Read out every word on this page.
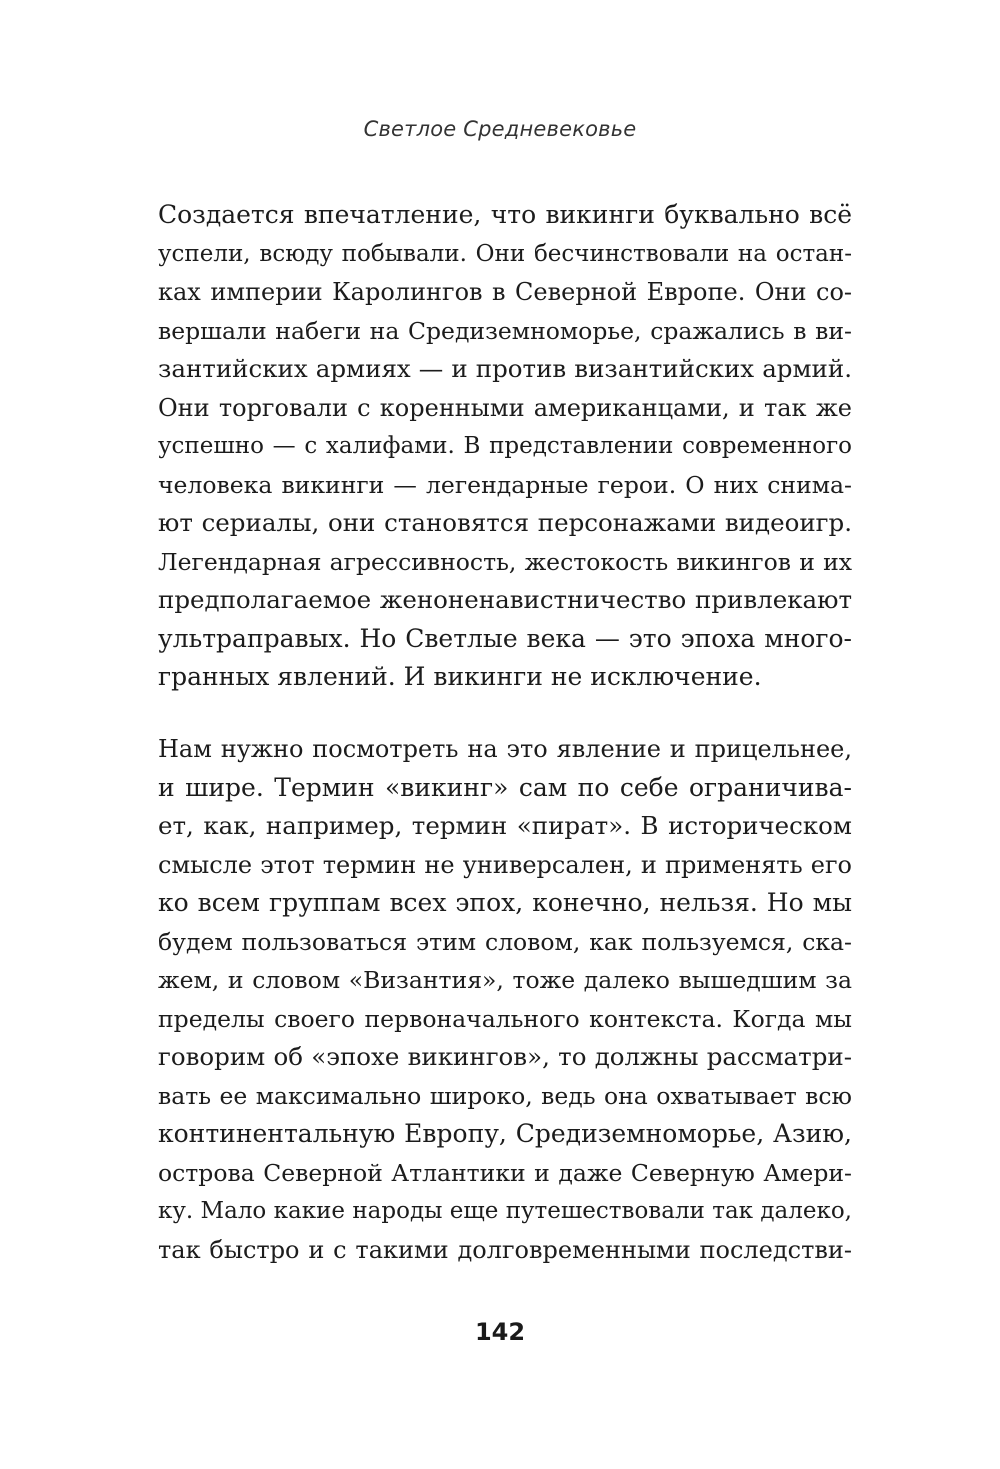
Светлое Средневековье
Создается впечатление, что викинги буквально всё
успели, всюду побывали. Они бесчинствовали на остан-
ках империи Каролингов в Северной Европе. Они со-
вершали набеги на Средиземноморье, сражались в ви-
зантийских армиях — и против византийских армий.
Они торговали с коренными американцами, и так же
успешно — с халифами. В представлении современного
человека викинги — легендарные герои. О них снима-
ют сериалы, они становятся персонажами видеоигр.
Легендарная агрессивность, жестокость викингов и их
предполагаемое женоненавистничество привлекают
ультраправых. Но Светлые века — это эпоха много-
гранных явлений. И викинги не исключение.
Нам нужно посмотреть на это явление и прицельнее,
и шире. Термин «викинг» сам по себе ограничива-
ет, как, например, термин «пират». В историческом
смысле этот термин не универсален, и применять его
ко всем группам всех эпох, конечно, нельзя. Но мы
будем пользоваться этим словом, как пользуемся, ска-
жем, и словом «Византия», тоже далеко вышедшим за
пределы своего первоначального контекста. Когда мы
говорим об «эпохе викингов», то должны рассматри-
вать ее максимально широко, ведь она охватывает всю
континентальную Европу, Средиземноморье, Азию,
острова Северной Атлантики и даже Северную Амери-
ку. Мало какие народы еще путешествовали так далеко,
так быстро и с такими долговременными последстви-
142
